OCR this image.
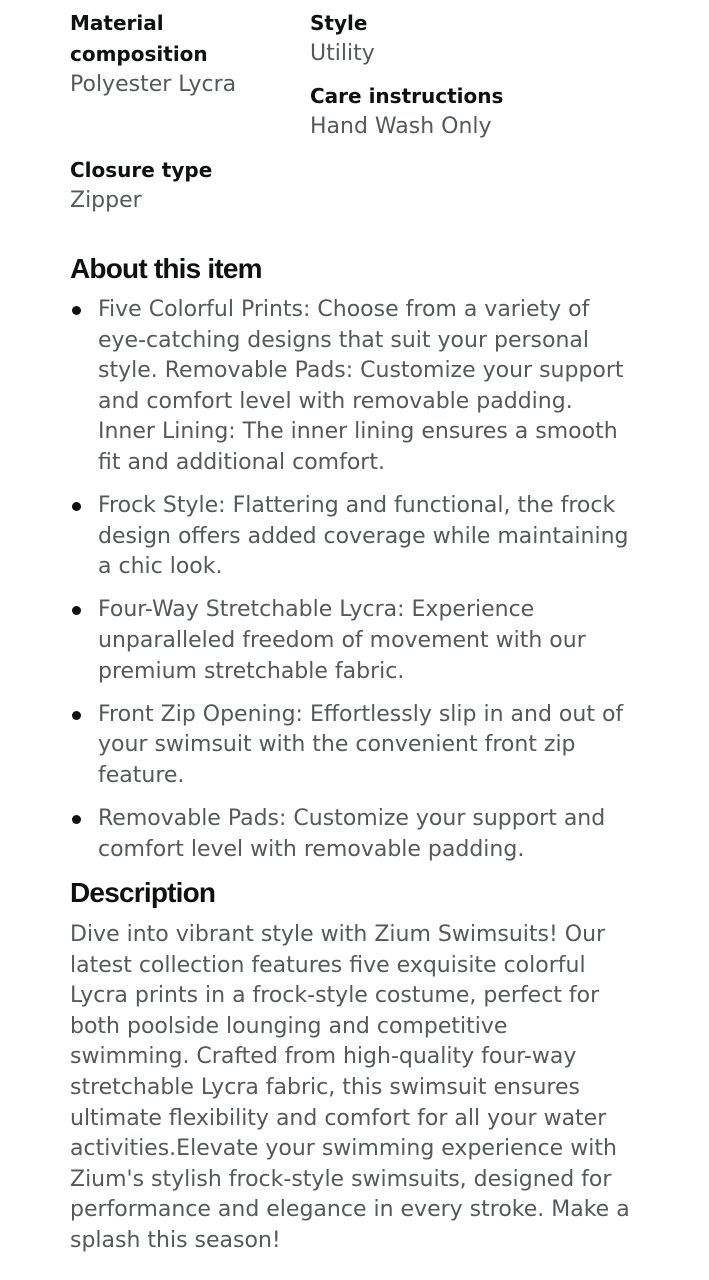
Material composition
Polyester Lycra
Style
Utility
Care instructions
Hand Wash Only
Closure type
Zipper
About this item
Five Colorful Prints: Choose from a variety of eye-catching designs that suit your personal style. Removable Pads: Customize your support and comfort level with removable padding. Inner Lining: The inner lining ensures a smooth fit and additional comfort.
Frock Style: Flattering and functional, the frock design offers added coverage while maintaining a chic look.
Four-Way Stretchable Lycra: Experience unparalleled freedom of movement with our premium stretchable fabric.
Front Zip Opening: Effortlessly slip in and out of your swimsuit with the convenient front zip feature.
Removable Pads: Customize your support and comfort level with removable padding.
Description

Dive into vibrant style with Zium Swimsuits! Our latest collection features five exquisite colorful Lycra prints in a frock-style costume, perfect for both poolside lounging and competitive swimming. Crafted from high-quality four-way stretchable Lycra fabric, this swimsuit ensures ultimate flexibility and comfort for all your water activities.Elevate your swimming experience with Zium's stylish frock-style swimsuits, designed for performance and elegance in every stroke. Make a splash this season!
